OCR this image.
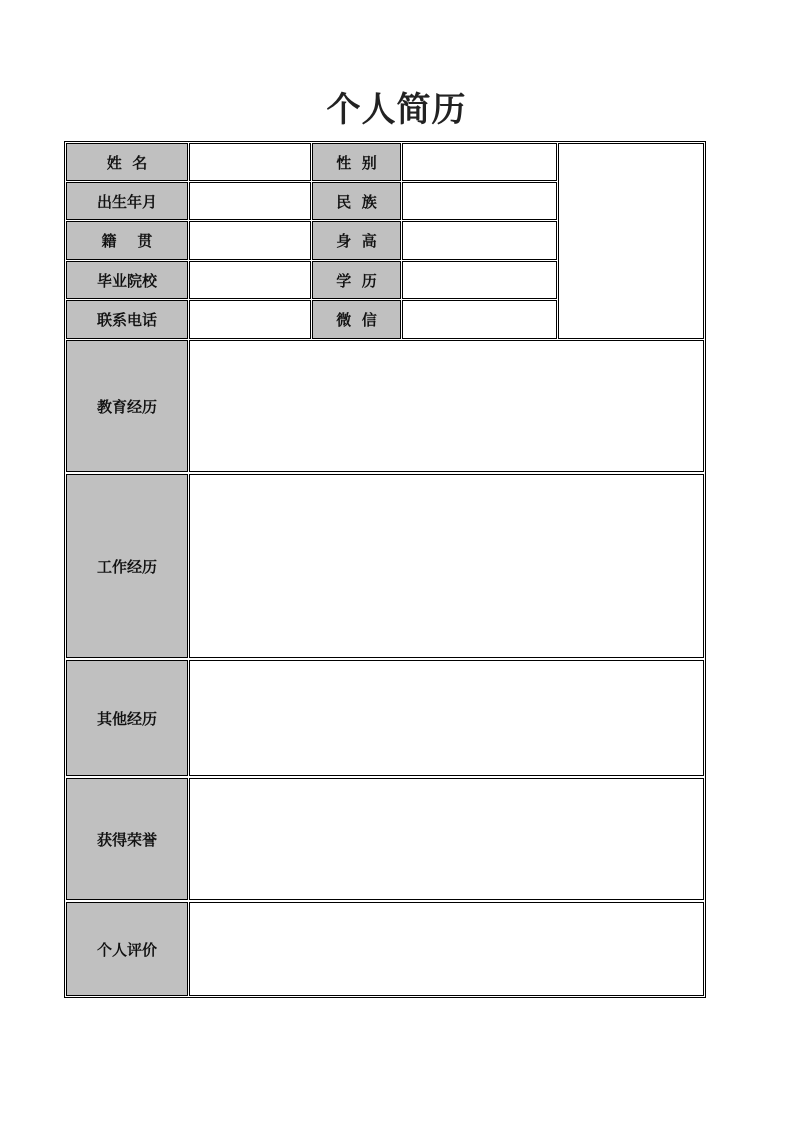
个人简历
姓  名	性  别
出生年月	民  族
籍    贯	身  高
毕业院校	学  历
联系电话	微  信
教育经历
工作经历
其他经历
获得荣誉
个人评价
